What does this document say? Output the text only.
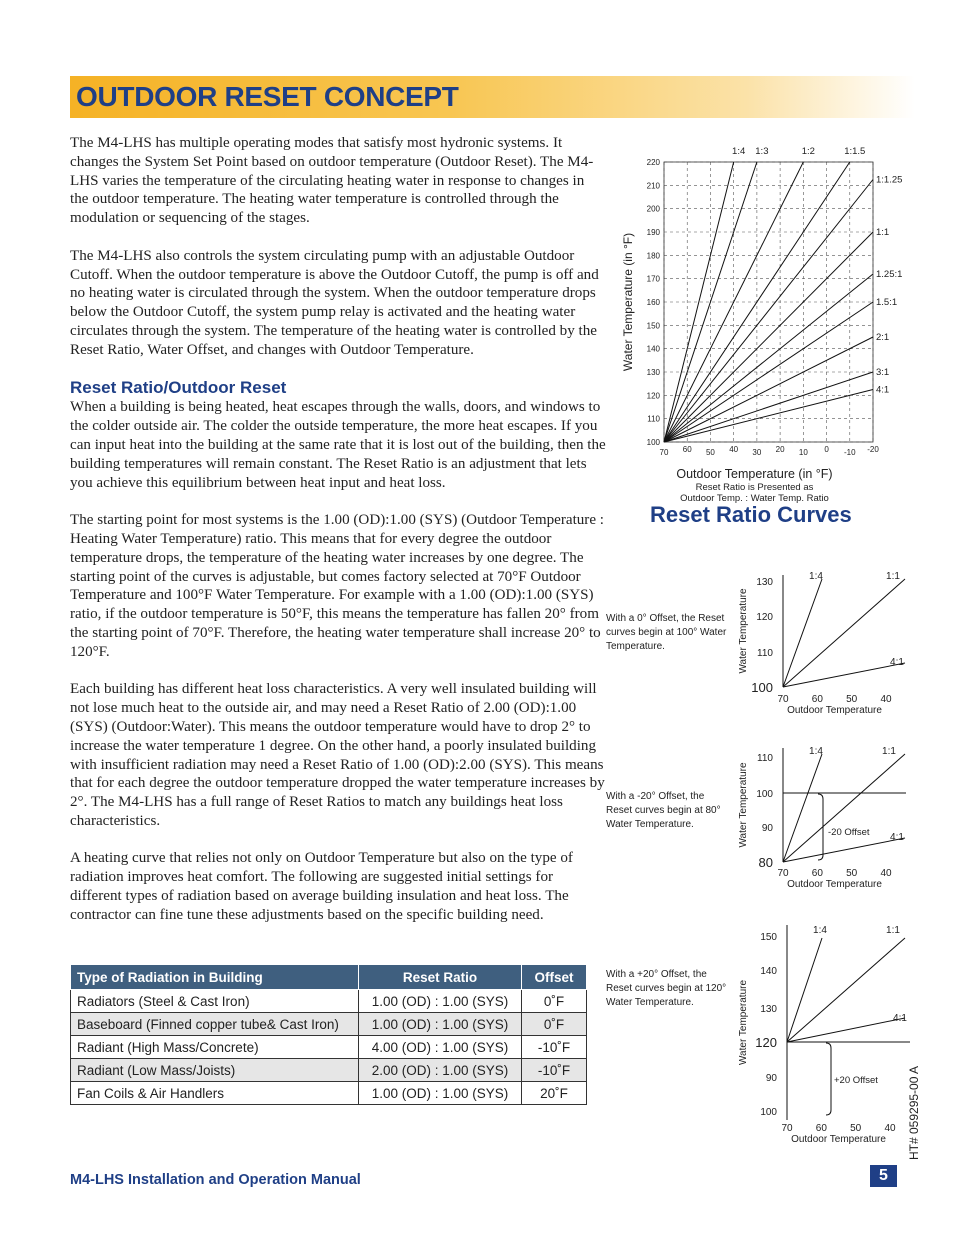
OUTDOOR RESET CONCEPT

The M4-LHS has multiple operating modes that satisfy most hydronic systems. It changes the System Set Point based on outdoor temperature (Outdoor Reset). The M4-LHS varies the temperature of the circulating heating water in response to changes in the outdoor temperature. The heating water temperature is controlled through the modulation or sequencing of the stages.

The M4-LHS also controls the system circulating pump with an adjustable Outdoor Cutoff. When the outdoor temperature is above the Outdoor Cutoff, the pump is off and no heating water is circulated through the system. When the outdoor temperature drops below the Outdoor Cutoff, the system pump relay is activated and the heating water circulates through the system. The temperature of the heating water is controlled by the Reset Ratio, Water Offset, and changes with Outdoor Temperature.

Reset Ratio/Outdoor Reset

When a building is being heated, heat escapes through the walls, doors, and windows to the colder outside air. The colder the outside temperature, the more heat escapes. If you can input heat into the building at the same rate that it is lost out of the building, then the building temperatures will remain constant. The Reset Ratio is an adjustment that lets you achieve this equilibrium between heat input and heat loss.

The starting point for most systems is the 1.00 (OD):1.00 (SYS) (Outdoor Temperature : Heating Water Temperature) ratio. This means that for every degree the outdoor temperature drops, the temperature of the heating water increases by one degree. The starting point of the curves is adjustable, but comes factory selected at 70°F Outdoor Temperature and 100°F Water Temperature. For example with a 1.00 (OD):1.00 (SYS) ratio, if the outdoor temperature is 50°F, this means the temperature has fallen 20° from the starting point of 70°F. Therefore, the heating water temperature shall increase 20° to 120°F.

Each building has different heat loss characteristics. A very well insulated building will not lose much heat to the outside air, and may need a Reset Ratio of 2.00 (OD):1.00 (SYS) (Outdoor:Water). This means the outdoor temperature would have to drop 2° to increase the water temperature 1 degree. On the other hand, a poorly insulated building with insufficient radiation may need a Reset Ratio of 1.00 (OD):2.00 (SYS). This means that for each degree the outdoor temperature dropped the water temperature increases by 2°. The M4-LHS has a full range of Reset Ratios to match any buildings heat loss characteristics.

A heating curve that relies not only on Outdoor Temperature but also on the type of radiation improves heat comfort. The following are suggested initial settings for different types of radiation based on average building insulation and heat loss. The contractor can fine tune these adjustments based on the specific building need.

Type of Radiation in Building	Reset Ratio	Offset
Radiators (Steel & Cast Iron)	1.00 (OD) : 1.00 (SYS)	0˚F
Baseboard (Finned copper tube& Cast Iron)	1.00 (OD) : 1.00 (SYS)	0˚F
Radiant (High Mass/Concrete)	4.00 (OD) : 1.00 (SYS)	-10˚F
Radiant (Low Mass/Joists)	2.00 (OD) : 1.00 (SYS)	-10˚F
Fan Coils & Air Handlers	1.00 (OD) : 1.00 (SYS)	20˚F
100
110
120
130
140
150
160
170
180
190
200
210
220
70 60 50 40 30 20 10 0 -10 -20
1:4 1:3	1:2	1:1.5
1:1.25
1:1
1.25:1
1.5:1
2:1
3:1
4:1
Water Temperature (in °F)
Outdoor Temperature (in °F)
Reset Ratio is Presented as
Outdoor Temp. : Water Temp. Ratio
Reset Ratio Curves
100
110
120
130
70 60 50 40
Outdoor Temperature
Water Temperature
1:4	1:1
4:1
With a 0° Offset, the Reset curves begin at 100° Water Temperature.
80
90
100
110
70 60 50 40
Outdoor Temperature
Water Temperature
1:4	1:1
4:1
-20 Offset
With a -20° Offset, the Reset curves begin at 80° Water Temperature.
120
90
100
130
140
150
70 60 50 40
Outdoor Temperature
Water Temperature
1:4	1:1
4:1
+20 Offset
With a +20° Offset, the Reset curves begin at 120° Water Temperature.
M4-LHS Installation and Operation Manual	5
HT# 059295-00 A
